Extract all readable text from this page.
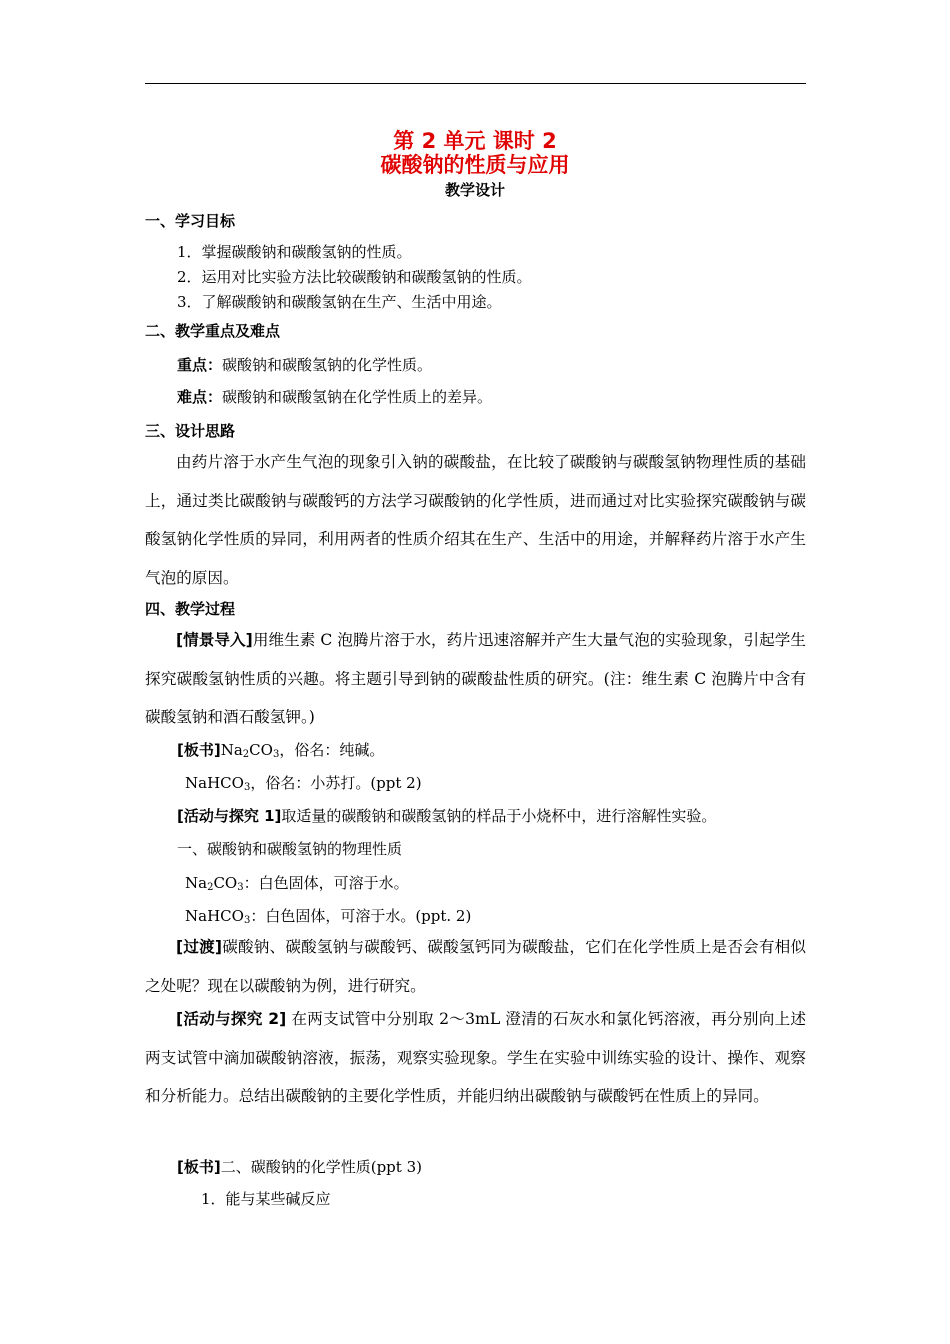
第 2 单元 课时 2
碳酸钠的性质与应用
教学设计
一、学习目标
1．掌握碳酸钠和碳酸氢钠的性质。
2．运用对比实验方法比较碳酸钠和碳酸氢钠的性质。
3．了解碳酸钠和碳酸氢钠在生产、生活中用途。
二、教学重点及难点
重点：碳酸钠和碳酸氢钠的化学性质。
难点：碳酸钠和碳酸氢钠在化学性质上的差异。
三、设计思路

由药片溶于水产生气泡的现象引入钠的碳酸盐，在比较了碳酸钠与碳酸氢钠物理性质的基础上，通过类比碳酸钠与碳酸钙的方法学习碳酸钠的化学性质，进而通过对比实验探究碳酸钠与碳酸氢钠化学性质的异同，利用两者的性质介绍其在生产、生活中的用途，并解释药片溶于水产生气泡的原因。

四、教学过程

[情景导入]用维生素 C 泡腾片溶于水，药片迅速溶解并产生大量气泡的实验现象，引起学生探究碳酸氢钠性质的兴趣。将主题引导到钠的碳酸盐性质的研究。(注：维生素 C 泡腾片中含有碳酸氢钠和酒石酸氢钾。)

[板书]$Na_2CO_3$，俗名：纯碱。
NaHCO$_3$，俗名：小苏打。(ppt 2)
[活动与探究 1]取适量的碳酸钠和碳酸氢钠的样品于小烧杯中，进行溶解性实验。
一、碳酸钠和碳酸氢钠的物理性质
$Na_2CO_3$：白色固体，可溶于水。
NaHCO$_3$：白色固体，可溶于水。(ppt. 2)

[过渡]碳酸钠、碳酸氢钠与碳酸钙、碳酸氢钙同为碳酸盐，它们在化学性质上是否会有相似之处呢？现在以碳酸钠为例，进行研究。

[活动与探究 2] 在两支试管中分别取 2～3mL 澄清的石灰水和氯化钙溶液，再分别向上述两支试管中滴加碳酸钠溶液，振荡，观察实验现象。学生在实验中训练实验的设计、操作、观察和分析能力。总结出碳酸钠的主要化学性质，并能归纳出碳酸钠与碳酸钙在性质上的异同。

[板书]二、碳酸钠的化学性质(ppt 3)
1．能与某些碱反应
